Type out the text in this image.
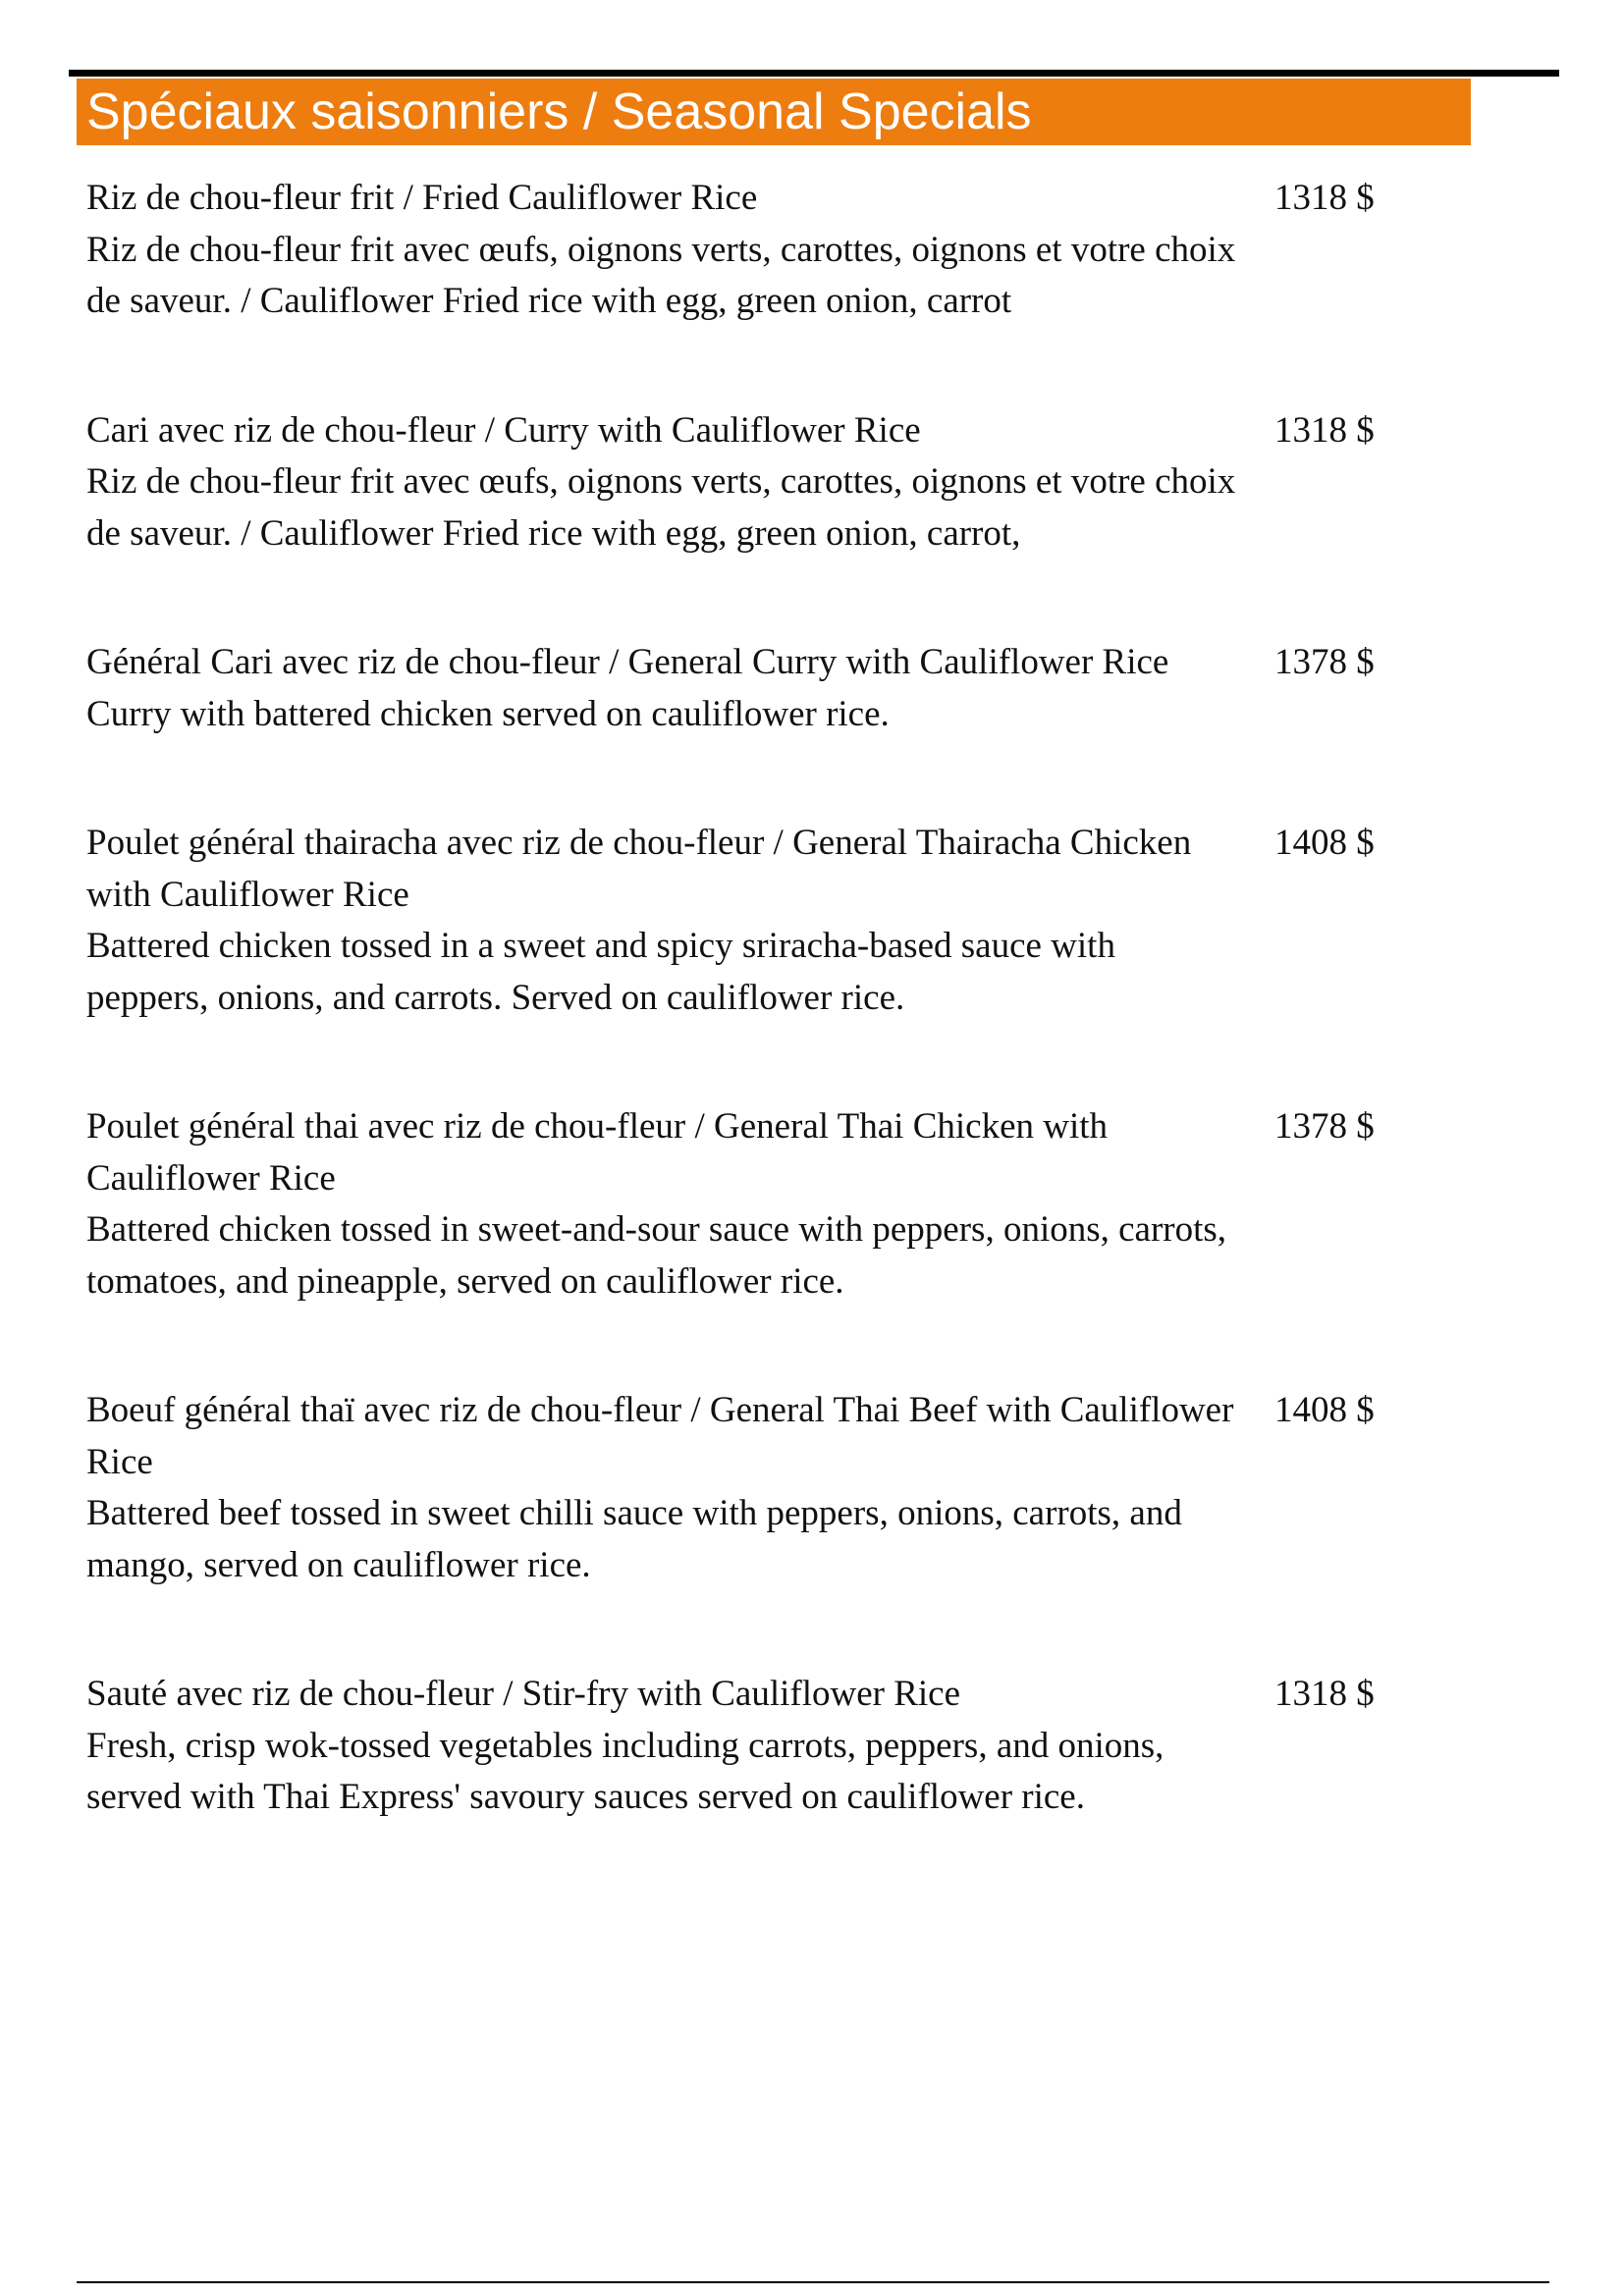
Spéciaux saisonniers / Seasonal Specials
Riz de chou-fleur frit / Fried Cauliflower Rice
Riz de chou-fleur frit avec œufs, oignons verts, carottes, oignons et votre choix de saveur. / Cauliflower Fried rice with egg, green onion, carrot
1318 $
Cari avec riz de chou-fleur / Curry with Cauliflower Rice
Riz de chou-fleur frit avec œufs, oignons verts, carottes, oignons et votre choix de saveur. / Cauliflower Fried rice with egg, green onion, carrot,
1318 $
Général Cari avec riz de chou-fleur / General Curry with Cauliflower Rice
Curry with battered chicken served on cauliflower rice.
1378 $
Poulet général thairacha avec riz de chou-fleur / General Thairacha Chicken with Cauliflower Rice
Battered chicken tossed in a sweet and spicy sriracha-based sauce with peppers, onions, and carrots. Served on cauliflower rice.
1408 $
Poulet général thai avec riz de chou-fleur / General Thai Chicken with Cauliflower Rice
Battered chicken tossed in sweet-and-sour sauce with peppers, onions, carrots, tomatoes, and pineapple, served on cauliflower rice.
1378 $
Boeuf général thaï avec riz de chou-fleur / General Thai Beef with Cauliflower Rice
Battered beef tossed in sweet chilli sauce with peppers, onions, carrots, and mango, served on cauliflower rice.
1408 $
Sauté avec riz de chou-fleur / Stir-fry with Cauliflower Rice
Fresh, crisp wok-tossed vegetables including carrots, peppers, and onions, served with Thai Express' savoury sauces served on cauliflower rice.
1318 $
